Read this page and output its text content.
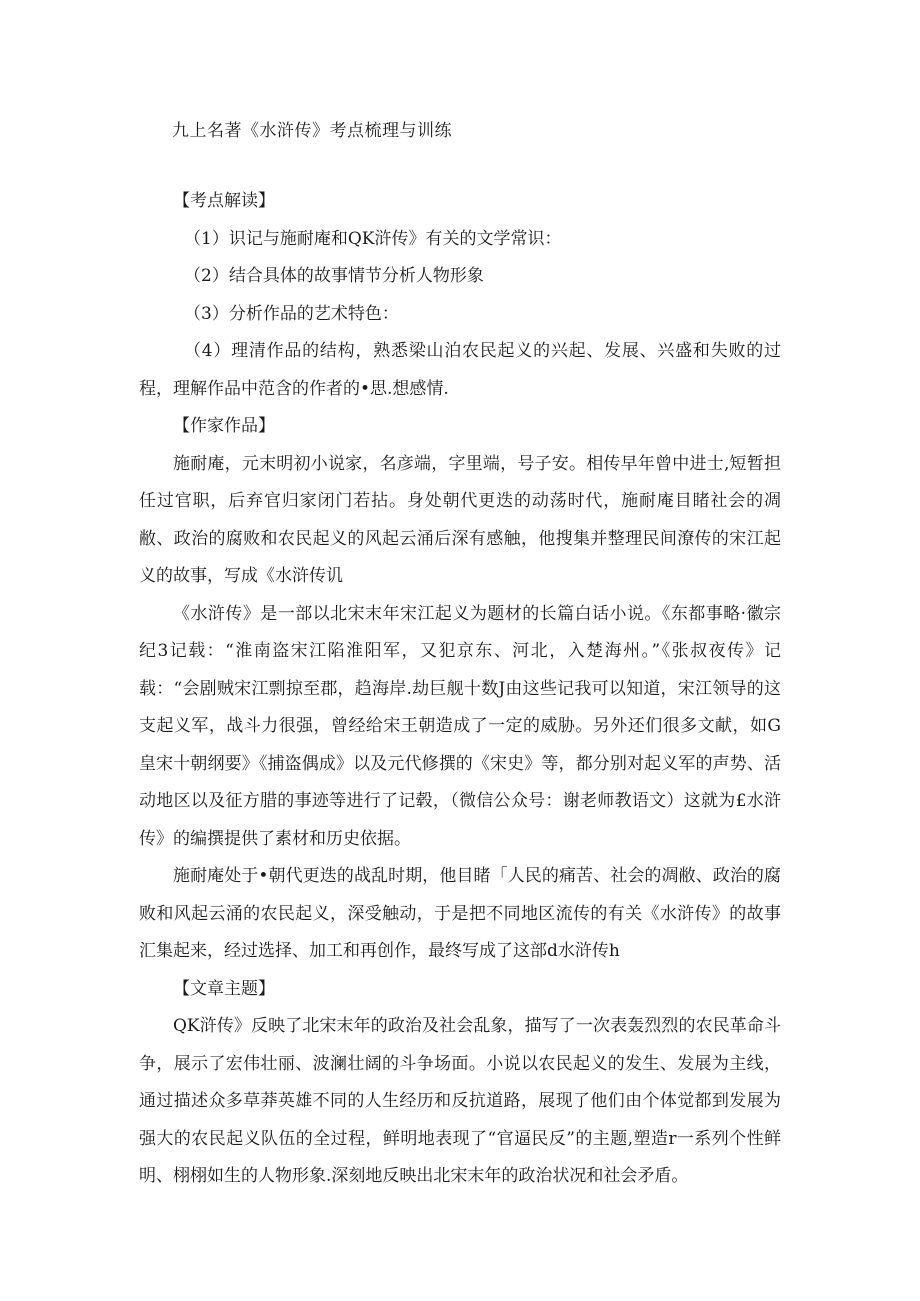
九上名著《水浒传》考点梳理与训练

【考点解读】

（1）识记与施耐庵和QK浒传》有关的文学常识：

（2）结合具体的故事情节分析人物形象

（3）分析作品的艺术特色：

（4）理清作品的结构，熟悉梁山泊农民起义的兴起、发展、兴盛和失败的过程，理解作品中范含的作者的•思.想感情.

【作家作品】

施耐庵，元末明初小说家，名彦端，字里端，号子安。相传早年曾中进士,短暂担任过官职，后弃官归家闭门若拈。身处朝代更迭的动荡时代，施耐庵目睹社会的凋敝、政治的腐败和农民起义的风起云涌后深有感触，他搜集并整理民间潦传的宋江起义的故事，写成《水浒传讥

《水浒传》是一部以北宋末年宋江起义为题材的长篇白话小说。《东都事略·徽宗纪3记载：“淮南盗宋江陷淮阳军，又犯京东、河北，入楚海州。”《张叔夜传》记载：“会剧贼宋江剽掠至郡，趋海岸.劫巨舰十数J由这些记我可以知道，宋江领导的这支起义军，战斗力很强，曾经给宋王朝造成了一定的威胁。另外还们很多文献，如G皇宋十朝纲要》《捕盗偶成》以及元代修撰的《宋史》等，都分别对起义军的声势、活动地区以及征方腊的事迹等进行了记毂，（微信公众号：谢老师教语文）这就为£水浒传》的编撰提供了素材和历史依据。

施耐庵处于•朝代更迭的战乱时期，他目睹「人民的痛苦、社会的凋敝、政治的腐败和风起云涌的农民起义，深受触动，于是把不同地区流传的有关《水浒传》的故事汇集起来，经过选择、加工和再创作，最终写成了这部d水浒传h

【文章主题】

QK浒传》反映了北宋末年的政治及社会乱象，描写了一次表轰烈烈的农民革命斗争，展示了宏伟壮丽、波澜壮阔的斗争场面。小说以农民起义的发生、发展为主线，通过描述众多草莽英雄不同的人生经历和反抗道路，展现了他们由个体觉都到发展为强大的农民起义队伍的全过程，鲜明地表现了“官逼民反”的主题,塑造r一系列个性鲜明、栩栩如生的人物形象.深刻地反映出北宋末年的政治状况和社会矛盾。
